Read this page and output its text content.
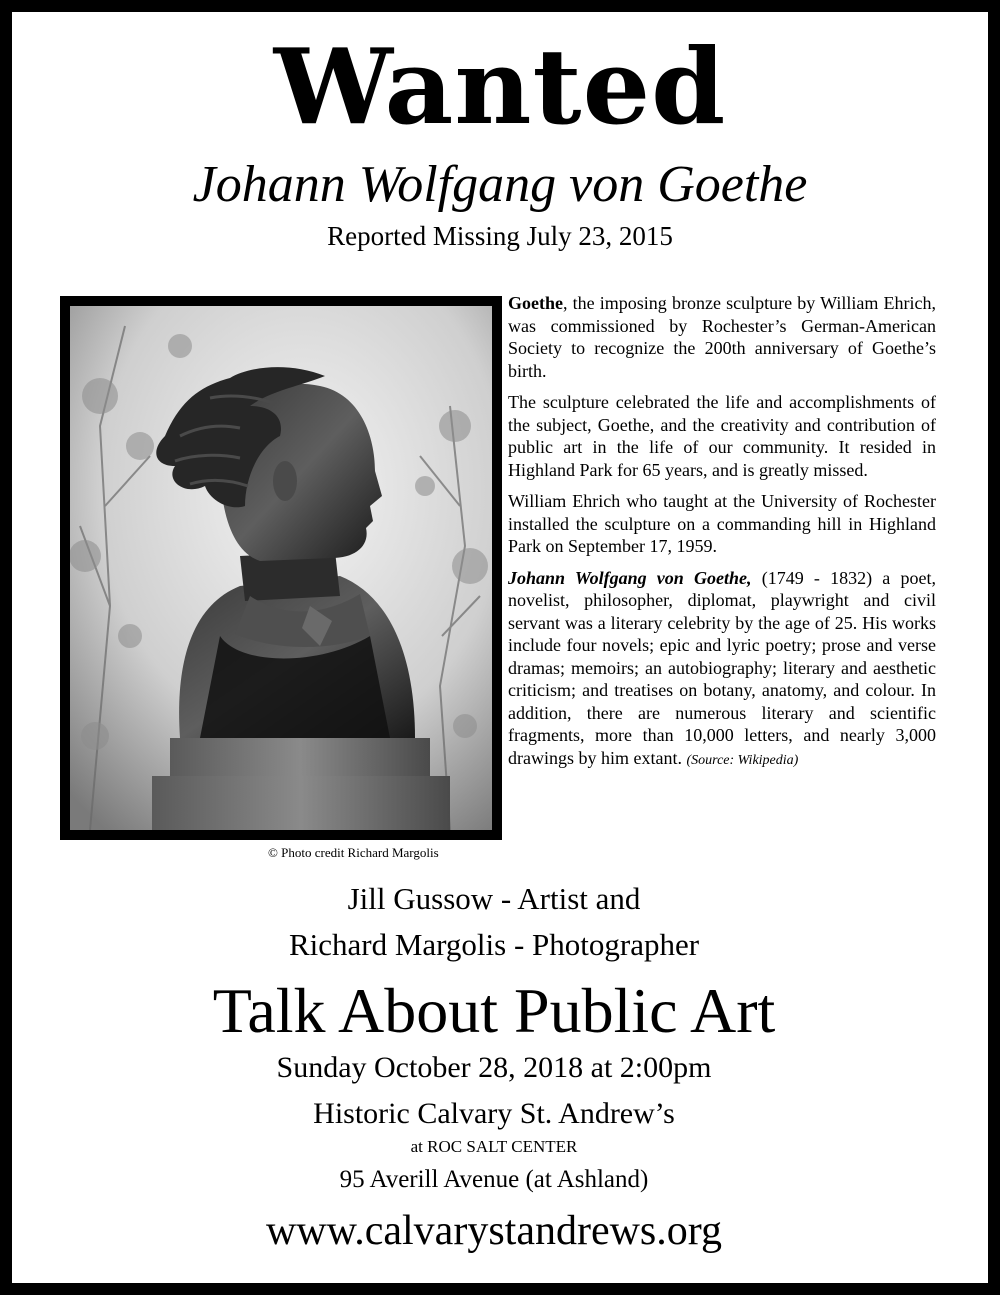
Wanted
Johann Wolfgang von Goethe
Reported Missing July 23, 2015
© Photo credit Richard Margolis

Goethe, the imposing bronze sculpture by William Ehrich, was commissioned by Rochester’s German-American Society to recognize the 200th anniversary of Goethe’s birth.

The sculpture celebrated the life and accomplishments of the subject, Goethe, and the creativity and contribution of public art in the life of our community. It resided in Highland Park for 65 years, and is greatly missed.

William Ehrich who taught at the University of Rochester installed the sculpture on a commanding hill in Highland Park on September 17, 1959.

Johann Wolfgang von Goethe, (1749 - 1832) a poet, novelist, philosopher, diplomat, playwright and civil servant was a literary celebrity by the age of 25. His works include four novels; epic and lyric poetry; prose and verse dramas; memoirs; an autobiography; literary and aesthetic criticism; and treatises on botany, anatomy, and colour. In addition, there are numerous literary and scientific fragments, more than 10,000 letters, and nearly 3,000 drawings by him extant. (Source: Wikipedia)

Jill Gussow - Artist and
Richard Margolis - Photographer
Talk About Public Art
Sunday October 28, 2018 at 2:00pm
Historic Calvary St. Andrew’s
at ROC SALT CENTER
95 Averill Avenue (at Ashland)
www.calvarystandrews.org
